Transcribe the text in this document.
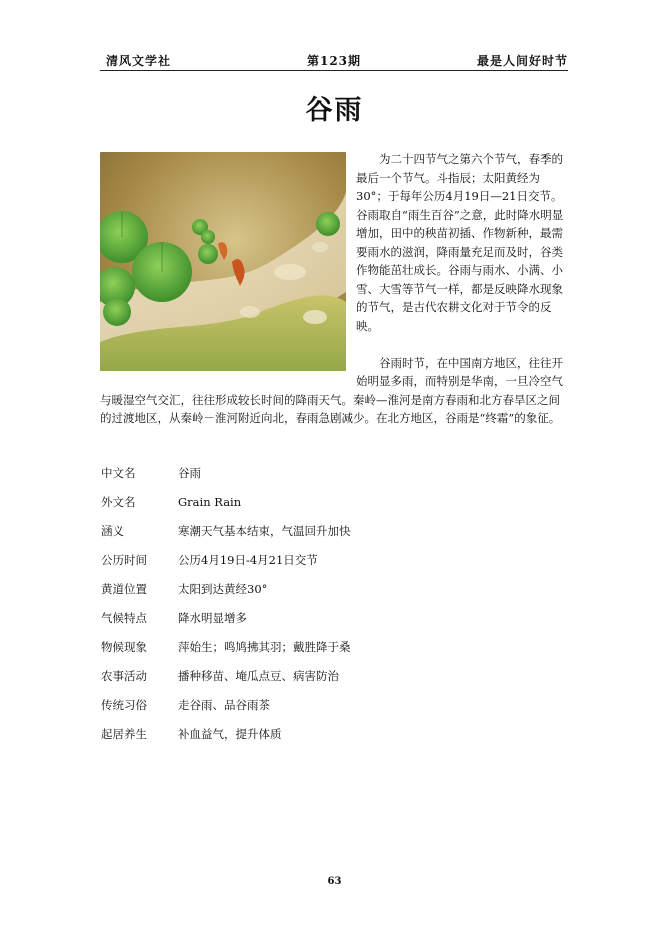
清风文学社	第123期	最是人间好时节
谷雨

为二十四节气之第六个节气，春季的最后一个节气。斗指辰；太阳黄经为30°；于每年公历4月19日—21日交节。谷雨取自“雨生百谷”之意，此时降水明显增加，田中的秧苗初插、作物新种，最需要雨水的滋润，降雨量充足而及时，谷类作物能茁壮成长。谷雨与雨水、小满、小雪、大雪等节气一样，都是反映降水现象的节气，是古代农耕文化对于节令的反映。

谷雨时节，在中国南方地区，往往开始明显多雨，而特别是华南，一旦冷空气与暖湿空气交汇，往往形成较长时间的降雨天气。秦岭—淮河是南方春雨和北方春旱区之间的过渡地区，从秦岭－淮河附近向北，春雨急剧减少。在北方地区，谷雨是“终霜”的象征。

中文名	谷雨
外文名	Grain Rain
涵义	寒潮天气基本结束，气温回升加快
公历时间	公历4月19日-4月21日交节
黄道位置	太阳到达黄经30°
气候特点	降水明显增多
物候现象	萍始生；鸣鸠拂其羽；戴胜降于桑
农事活动	播种移苗、埯瓜点豆、病害防治
传统习俗	走谷雨、品谷雨茶
起居养生	补血益气，提升体质
63
